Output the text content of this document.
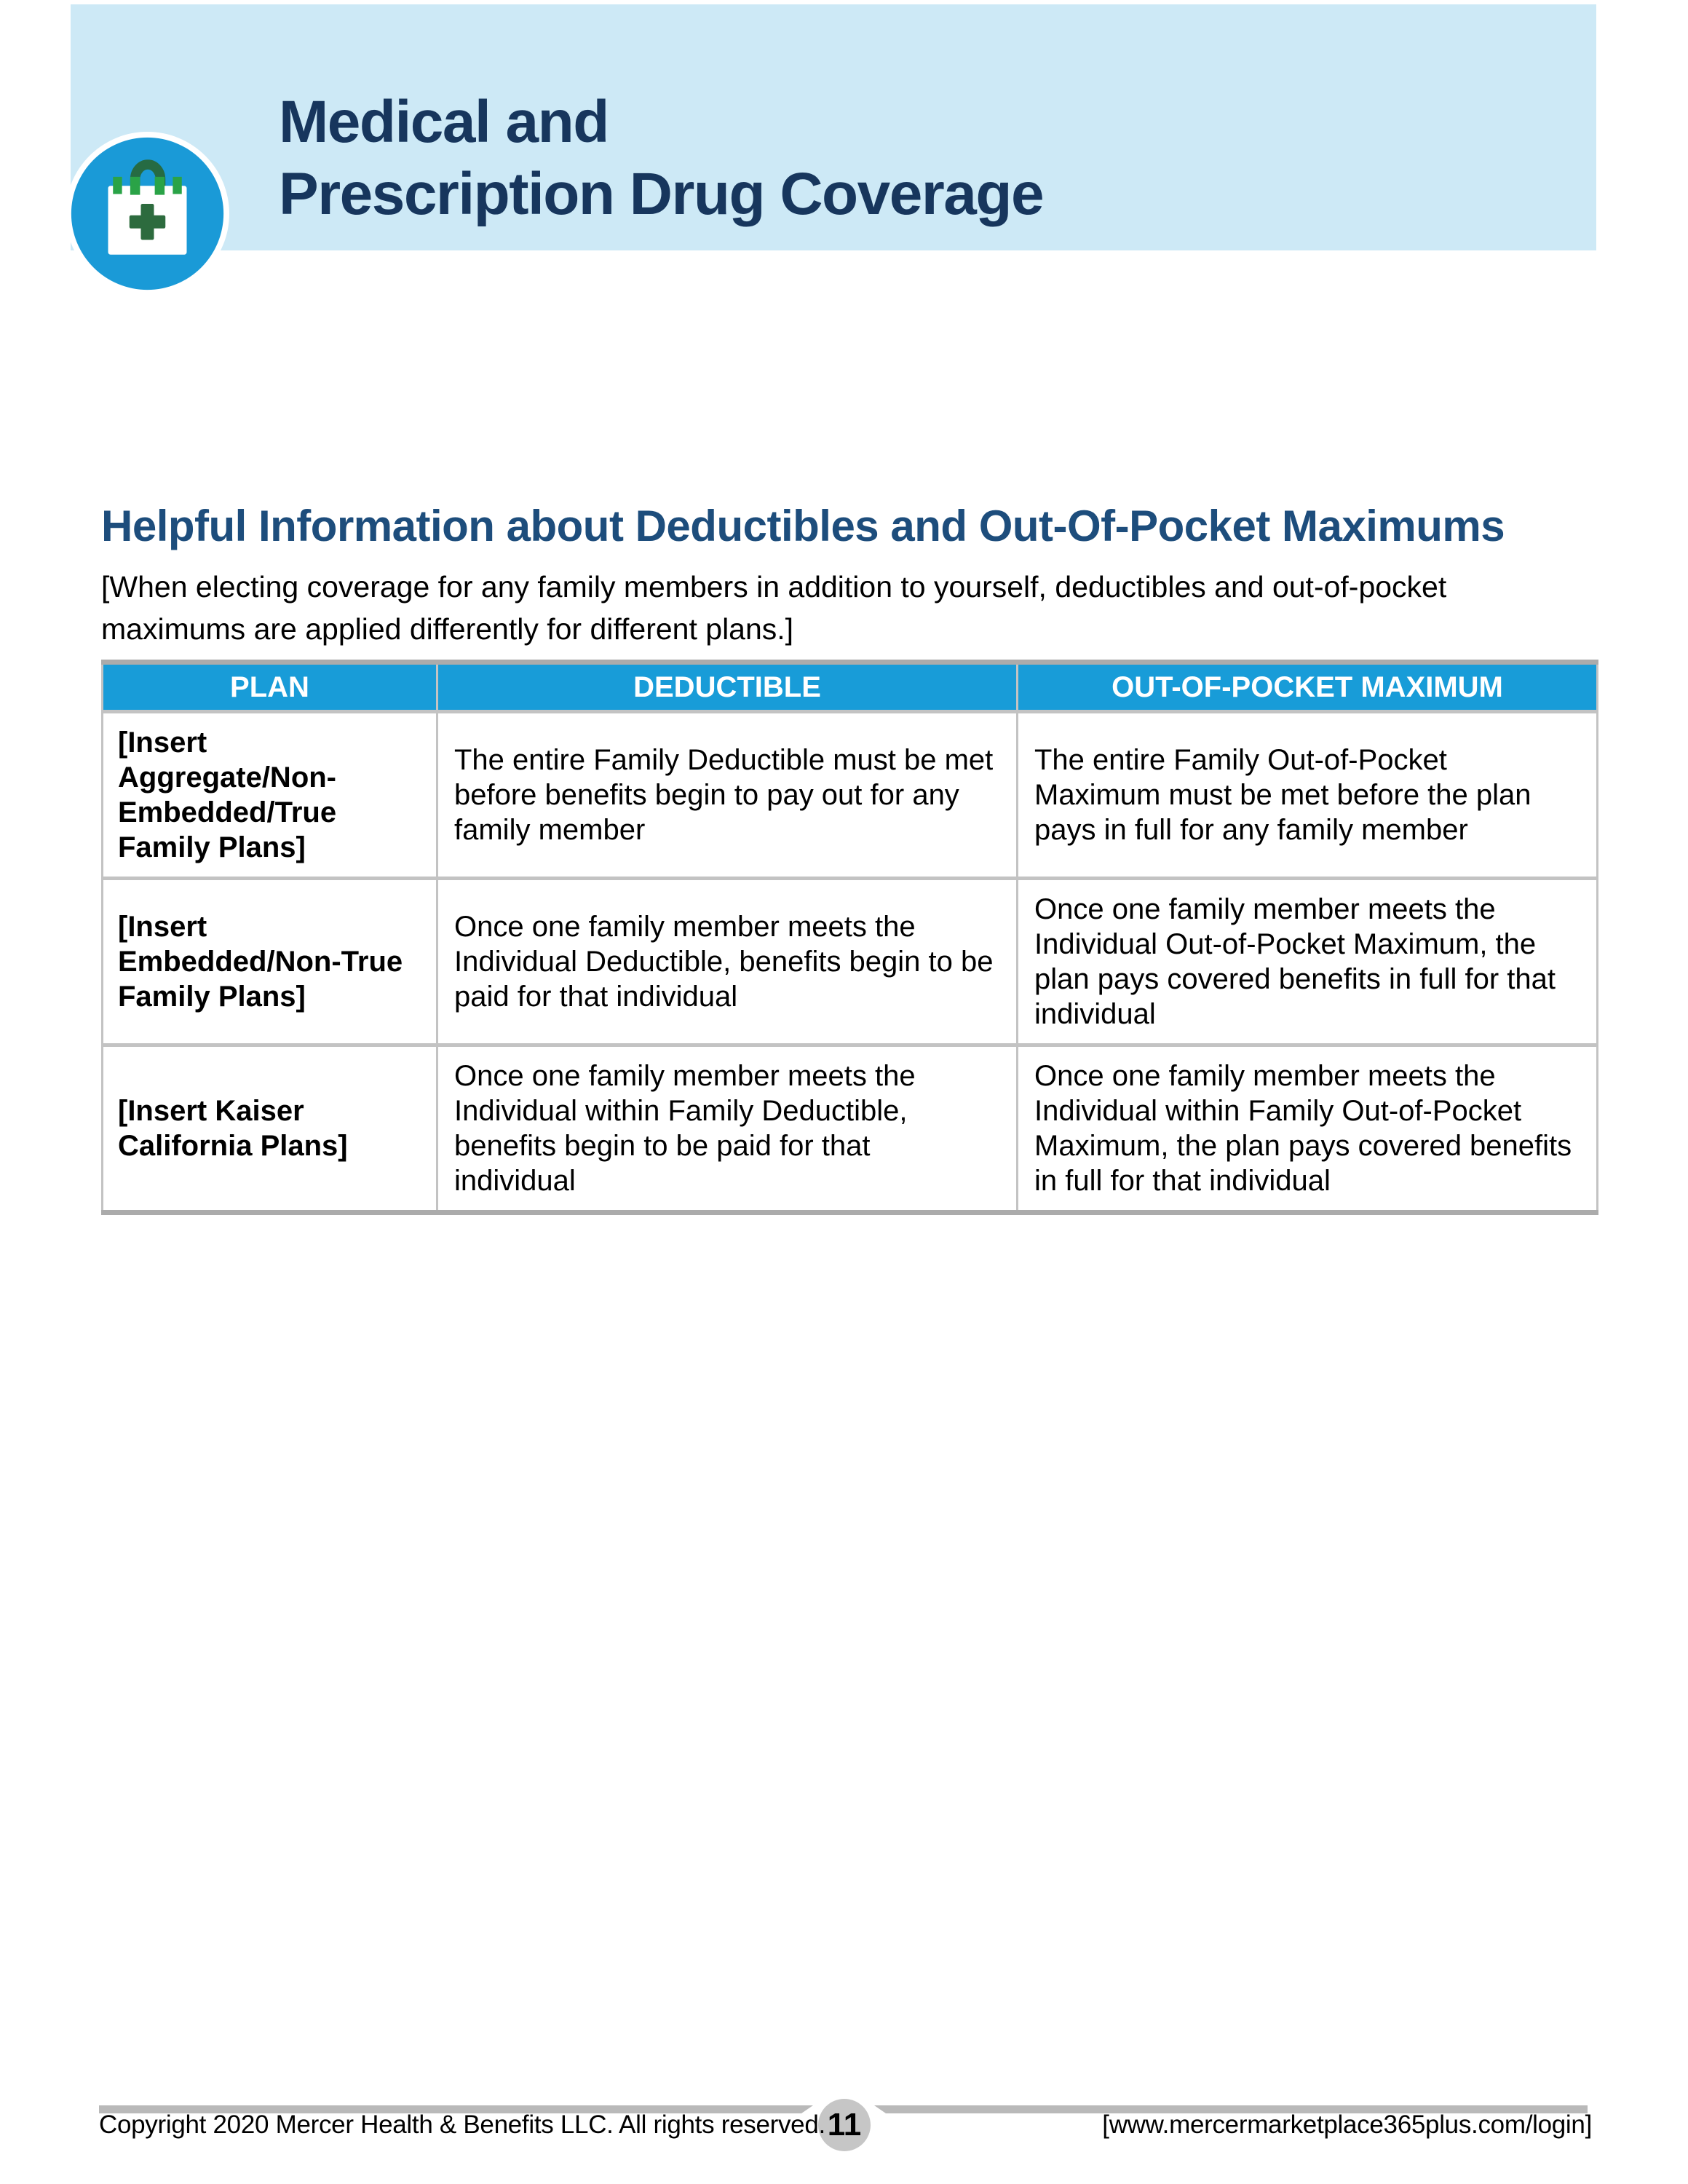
Medical and
Prescription Drug Coverage
Helpful Information about Deductibles and Out-Of-Pocket Maximums
[When electing coverage for any family members in addition to yourself, deductibles and out-of-pocket
maximums are applied differently for different plans.]
PLAN	DEDUCTIBLE	OUT-OF-POCKET MAXIMUM
[Insert Aggregate/Non-Embedded/True Family Plans]	The entire Family Deductible must be met before benefits begin to pay out for any family member	The entire Family Out-of-Pocket Maximum must be met before the plan pays in full for any family member
[Insert Embedded/Non-True Family Plans]	Once one family member meets the Individual Deductible, benefits begin to be paid for that individual	Once one family member meets the Individual Out-of-Pocket Maximum, the plan pays covered benefits in full for that individual
[Insert Kaiser California Plans]	Once one family member meets the Individual within Family Deductible, benefits begin to be paid for that individual	Once one family member meets the Individual within Family Out-of-Pocket Maximum, the plan pays covered benefits in full for that individual
11
Copyright 2020 Mercer Health & Benefits LLC. All rights reserved.	[www.mercermarketplace365plus.com/login]
